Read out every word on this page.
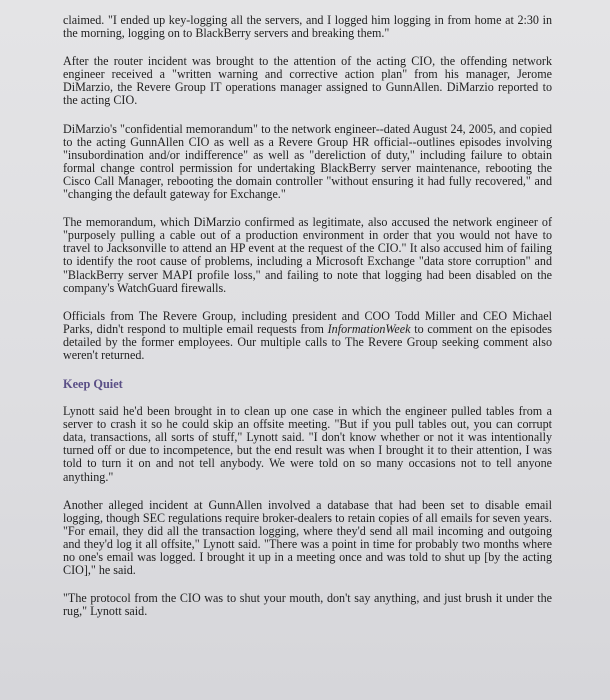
claimed. "I ended up key-logging all the servers, and I logged him logging in from home at 2:30 in the morning, logging on to BlackBerry servers and breaking them."

After the router incident was brought to the attention of the acting CIO, the offending network engineer received a "written warning and corrective action plan" from his manager, Jerome DiMarzio, the Revere Group IT operations manager assigned to GunnAllen. DiMarzio reported to the acting CIO.

DiMarzio's "confidential memorandum" to the network engineer--dated August 24, 2005, and copied to the acting GunnAllen CIO as well as a Revere Group HR official--outlines episodes involving "insubordination and/or indifference" as well as "dereliction of duty," including failure to obtain formal change control permission for undertaking BlackBerry server maintenance, rebooting the Cisco Call Manager, rebooting the domain controller "without ensuring it had fully recovered," and "changing the default gateway for Exchange."

The memorandum, which DiMarzio confirmed as legitimate, also accused the network engineer of "purposely pulling a cable out of a production environment in order that you would not have to travel to Jacksonville to attend an HP event at the request of the CIO." It also accused him of failing to identify the root cause of problems, including a Microsoft Exchange "data store corruption" and "BlackBerry server MAPI profile loss," and failing to note that logging had been disabled on the company's WatchGuard firewalls.

Officials from The Revere Group, including president and COO Todd Miller and CEO Michael Parks, didn't respond to multiple email requests from InformationWeek to comment on the episodes detailed by the former employees. Our multiple calls to The Revere Group seeking comment also weren't returned.

Keep Quiet

Lynott said he'd been brought in to clean up one case in which the engineer pulled tables from a server to crash it so he could skip an offsite meeting. "But if you pull tables out, you can corrupt data, transactions, all sorts of stuff," Lynott said. "I don't know whether or not it was intentionally turned off or due to incompetence, but the end result was when I brought it to their attention, I was told to turn it on and not tell anybody. We were told on so many occasions not to tell anyone anything."

Another alleged incident at GunnAllen involved a database that had been set to disable email logging, though SEC regulations require broker-dealers to retain copies of all emails for seven years. "For email, they did all the transaction logging, where they'd send all mail incoming and outgoing and they'd log it all offsite," Lynott said. "There was a point in time for probably two months where no one's email was logged. I brought it up in a meeting once and was told to shut up [by the acting CIO]," he said.

"The protocol from the CIO was to shut your mouth, don't say anything, and just brush it under the rug," Lynott said.
